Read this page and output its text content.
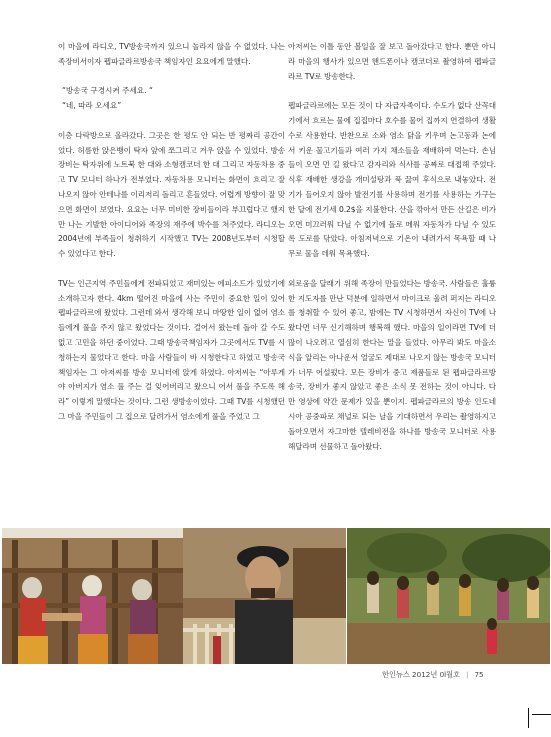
이 마을에 라디오, TV방송국까지 있으니 놀라지 않을 수 없었다. 나는 족장비서이자 펩파글라르방송국 책임자인 요요에게 말했다.

“방송국 구경시켜 주세요. “

“네, 따라 오세요”

이층 다락방으로 올라갔다. 그곳은 한 평도 안 되는 반 평짜리 공간이었다. 허름한 앉은뱅이 탁자 앞에 쪼그리고 겨우 앉을 수 있었다. 방송 장비는 탁자위에 노트북 한 대와 소형캠코더 한 대 그리고 자동차용 중고 TV 모니터 하나가 전부였다. 자동차용 모니터는 화면이 흐리고 잘 나오지 않아 안테나를 이리저리 돌리고 흔들었다. 어렵게 방향이 잘 맞으면 화면이 보였다. 요요는 너무 미비한 장비들이라 부끄럽다고 했지만 나는 기발한 아이디어와 족장의 재주에 박수를 쳐주었다. 라디오는 2004년에 부족들이 청취하기 시작했고 TV는 2008년도부터 시청할 수 있었다고 한다.

TV는 인근지역 주민들에게 전파되었고 재미있는 에피소드가 있었기에 소개하고자 한다. 4km 떨어진 마을에 사는 주민이 중요한 일이 있어 펩파글라르에 왔었다. 그런데 와서 생각해 보니 마땅한 일이 없어 염소들에게 풀을 주지 않고 왔었다는 것이다. 걸어서 왔는데 돌아 갈 수도 없고 고민을 하던 중이었다. 그때 방송국책임자가 그곳에서도 TV를 시청하는지 물었다고 한다. 마을 사람들이 바 시청한다고 하였고 방송국책임자는 그 아저씨를 방송 모니터에 앉게 하였다. 아저씨는 “아루게야 아버지가 염소 풀 주는 걸 잊어버리고 왔으니 어서 풀을 주도록 해라” 이렇게 말했다는 것이다. 그런 생방송이었다. 그때 TV를 시청했던 그 마을 주민들이 그 집으로 달려가서 염소에게 풀을 주었고 그

아저씨는 이틀 동안 볼일을 잘 보고 돌아갔다고 한다. 뿐만 아니라 마을의 행사가 있으면 핸드폰이나 캠코더로 촬영하여 펩파글라르 TV로 방송한다.

펩파글라르에는 모든 것이 다 자급자족이다. 수도가 없다 산꼭대기에서 흐르는 물에 집집마다 호수를 물어 집까지 연결하여 생활수로 사용한다. 반찬으로 소와 염소 닭을 키우며 논고동과 논에서 키운 물고기들과 여러 가지 채소들을 재배하여 먹는다. 손님들이 오면 먼 길 왔다고 감자리와 식사를 공짜로 대접해 주었다. 식후 재배한 생강을 개미설탕과 푹 끓여 후식으로 내놓았다. 전기가 들어오지 않아 발전기를 사용하며 전기를 사용하는 가구는 한 달에 전기세 0.2$을 지불한다. 산을 깎아서 만든 산길은 비가 오면 미끄러워 다닐 수 없기에 돌로 메워 자동차가 다닐 수 있도록 도로를 닦았다. 아침저녁으로 기온이 내려가서 목욕할 때 나무로 물을 데워 목욕했다.

외로움을 달래기 위해 족장이 만들었다는 방송국. 사람들은 훌륭한 지도자를 만난 덕분에 일하면서 마이크로 울려 퍼지는 라디오를 청취할 수 있어 좋고, 밤에는 TV 시청하면서 자신이 TV에 나왔다면 너무 신기해하며 행복해 했다. 마을의 일이라면 TV에 더 많이 나오려고 열심히 한다는 말을 들었다. 아무리 봐도 마을소식을 알리는 아나운서 얼굴도 제대로 나오지 않는 방송국 모니터가 너무 어설펐다. 모든 장비가 중고 제품들로 된 펩파글라르방송국, 장비가 좋지 않았고 좋은 소식 못 전하는 것이 아니다. 다만 영상에 약간 문제가 있을 뿐이지. 펩파글라르의 방송 인도네시아 공중파로 채널로 되는 날을 기대하면서 우리는 촬영하지고 돌아오면서 자그마한 텔레비전을 하나를 방송국 모니터로 사용해달라며 선물하고 돌아왔다.

한인뉴스 2012년 0l월호 | 75
